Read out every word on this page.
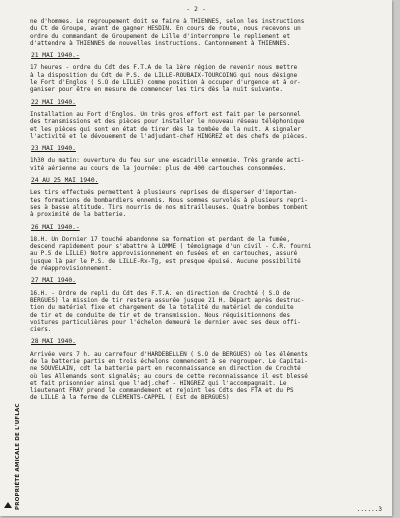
- 2 -
ne d'hommes. Le regroupement doit se faire à THIENNES, selon les instructions
du Ct de Groupe, avant de gagner HESDIN. En cours de route, nous recevons un
ordre du commandant de Groupement de Lille d'interrompre le repliement et
d'attendre à THIENNES de nouvelles instructions. Cantonnement à THIENNES.
21 MAI 1940.-
17 heures - ordre du Cdt des F.T.A de la 1ère région de revenir nous mettre
à la disposition du Cdt de P.S. de LILLE-ROUBAIX-TOURCOING qui nous désigne
le Fort d'Englos ( S.O de LILLE) comme position à occuper d'urgence et à or-
ganiser pour être en mesure de commencer les tirs dès la nuit suivante.
22 MAI 1940.
Installation au Fort d'Englos. Un très gros effort est fait par le personnel
des transmissions et des pièces pour installer le nouveau réseau téléphonique
et les pièces qui sont en état de tirer dès la tombée de la nuit. A signaler
l'activité et le dévouement de l'adjudant-chef HINGREZ et des chefs de pièces.
23 MAI 1940.
1h30 du matin: ouverture du feu sur une escadrille ennemie. Très grande acti-
vité aérienne au cours de la journée: plus de 400 cartouches consommées.
24 AU 25 MAI 1940.
Les tirs effectués permettent à plusieurs reprises de disperser d'importan-
tes formations de bombardiers ennemis. Nous sommes survolés à plusieurs repri-
ses à basse altitude. Tirs nourris de nos mitrailleuses. Quatre bombes tombent
à proximité de la batterie.
26 MAI 1940.-
18.H. Un Dornier 17 touché abandonne sa formation et perdant de la fumée,
descend rapidement pour s'abattre à LOMME ( témoignage d'un civil - C.R. fourni
au P.S de LILLE) Notre approvisionnement en fusées et en cartouches, assuré
jusque là par le P.S. de LILLE-Rx-Tg, est presque épuisé. Aucune possibilité
de réapprovisionnement.
27 MAI 1940.
16.H. - Ordre de repli du Cdt des F.T.A. en direction de Crochté ( S.O de
BERGUES) la mission de tir restera assurée jusque 21 H. Départ après destruc-
tion du matériel fixe et chargement de la totalité du matériel de conduite
de tir et de conduite de tir et de transmission. Nous réquisitionnons des
voitures particulières pour l'échelon demeuré le dernier avec ses deux offi-
ciers.
28 MAI 1940.
Arrivée vers 7 h. au carrefour d'HARDEBELLEN ( S.O de BERGUES) où les éléments
de la batterie partis en trois échelons commencent à se regrouper. Le Capitai-
ne SOUVELAIN, cdt la batterie part en reconnaissance en direction de Crochté
où les Allemands sont signalés; au cours de cette reconnaissance il est blessé
et fait prisonnier ainsi que l'adj.chef - HINGREZ qui l'accompagnait. Le
lieutenant FRAY prend le commandement et rejoint les Cdts des FTA et du PS
de LILLE à la ferme de CLEMENTS-CAPPEL ( Est de BERGUES)
PROPRIÉTÉ AMICALE DE L'UFLAC	......3
